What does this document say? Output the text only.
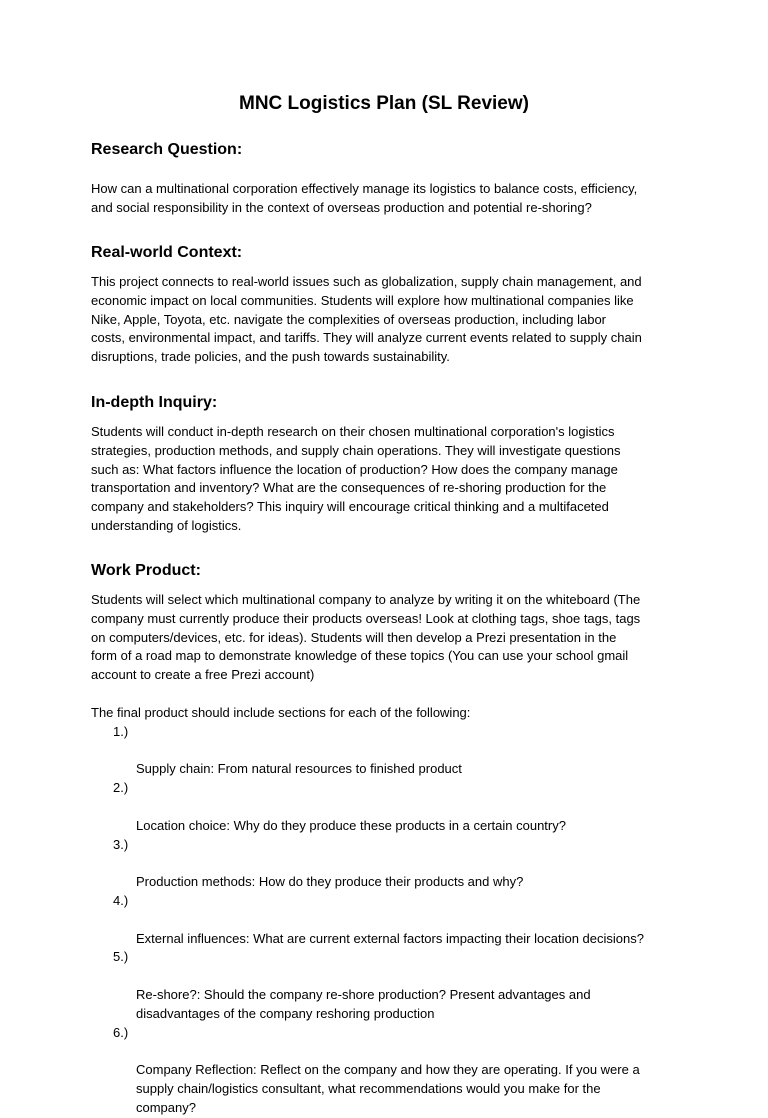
MNC Logistics Plan (SL Review)
Research Question:

How can a multinational corporation effectively manage its logistics to balance costs, efficiency,
and social responsibility in the context of overseas production and potential re-shoring?

Real-world Context:

This project connects to real-world issues such as globalization, supply chain management, and
economic impact on local communities. Students will explore how multinational companies like
Nike, Apple, Toyota, etc. navigate the complexities of overseas production, including labor
costs, environmental impact, and tariffs. They will analyze current events related to supply chain
disruptions, trade policies, and the push towards sustainability.

In-depth Inquiry:

Students will conduct in-depth research on their chosen multinational corporation's logistics
strategies, production methods, and supply chain operations. They will investigate questions
such as: What factors influence the location of production? How does the company manage
transportation and inventory? What are the consequences of re-shoring production for the
company and stakeholders? This inquiry will encourage critical thinking and a multifaceted
understanding of logistics.

Work Product:

Students will select which multinational company to analyze by writing it on the whiteboard (The
company must currently produce their products overseas! Look at clothing tags, shoe tags, tags
on computers/devices, etc. for ideas). Students will then develop a Prezi presentation in the
form of a road map to demonstrate knowledge of these topics (You can use your school gmail
account to create a free Prezi account)

The final product should include sections for each of the following:

1.)

Supply chain: From natural resources to finished product

2.)

Location choice: Why do they produce these products in a certain country?

3.)

Production methods: How do they produce their products and why?

4.)

External influences: What are current external factors impacting their location decisions?

5.)

Re-shore?: Should the company re-shore production? Present advantages and
disadvantages of the company reshoring production

6.)

Company Reflection: Reflect on the company and how they are operating. If you were a
supply chain/logistics consultant, what recommendations would you make for the
company?
